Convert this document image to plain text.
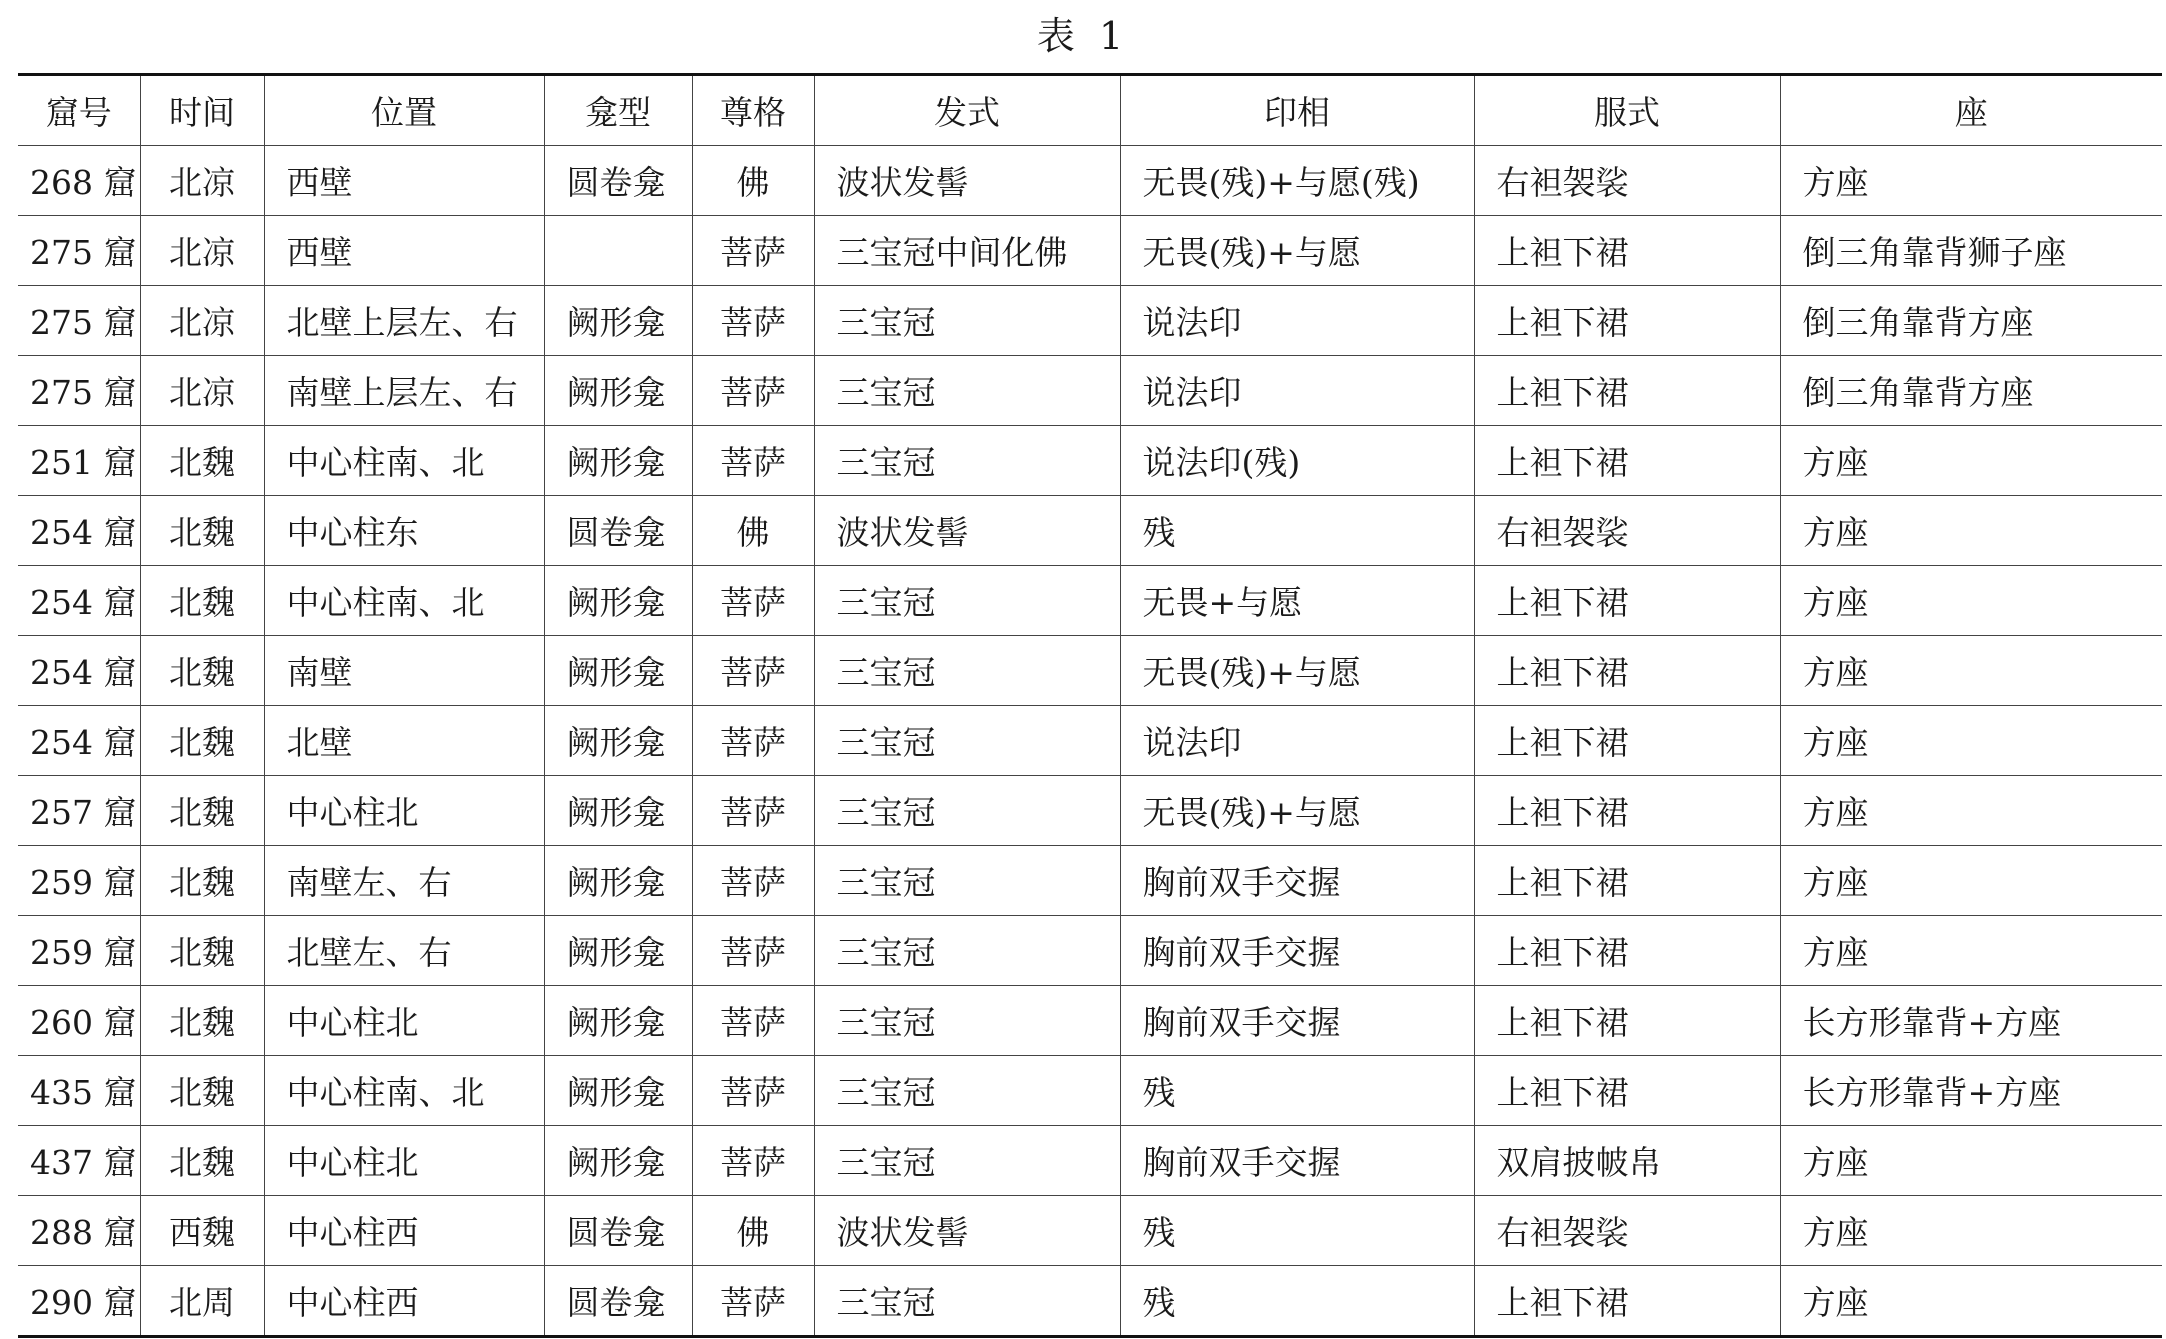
表 1
窟号	时间	位置	龛型	尊格	发式	印相	服式	座
268 窟	北凉	西壁	圆卷龛	佛	波状发髻	无畏(残)+与愿(残)	右袒袈裟	方座
275 窟	北凉	西壁		菩萨	三宝冠中间化佛	无畏(残)+与愿	上袒下裙	倒三角靠背狮子座
275 窟	北凉	北壁上层左、右	阙形龛	菩萨	三宝冠	说法印	上袒下裙	倒三角靠背方座
275 窟	北凉	南壁上层左、右	阙形龛	菩萨	三宝冠	说法印	上袒下裙	倒三角靠背方座
251 窟	北魏	中心柱南、北	阙形龛	菩萨	三宝冠	说法印(残)	上袒下裙	方座
254 窟	北魏	中心柱东	圆卷龛	佛	波状发髻	残	右袒袈裟	方座
254 窟	北魏	中心柱南、北	阙形龛	菩萨	三宝冠	无畏+与愿	上袒下裙	方座
254 窟	北魏	南壁	阙形龛	菩萨	三宝冠	无畏(残)+与愿	上袒下裙	方座
254 窟	北魏	北壁	阙形龛	菩萨	三宝冠	说法印	上袒下裙	方座
257 窟	北魏	中心柱北	阙形龛	菩萨	三宝冠	无畏(残)+与愿	上袒下裙	方座
259 窟	北魏	南壁左、右	阙形龛	菩萨	三宝冠	胸前双手交握	上袒下裙	方座
259 窟	北魏	北壁左、右	阙形龛	菩萨	三宝冠	胸前双手交握	上袒下裙	方座
260 窟	北魏	中心柱北	阙形龛	菩萨	三宝冠	胸前双手交握	上袒下裙	长方形靠背+方座
435 窟	北魏	中心柱南、北	阙形龛	菩萨	三宝冠	残	上袒下裙	长方形靠背+方座
437 窟	北魏	中心柱北	阙形龛	菩萨	三宝冠	胸前双手交握	双肩披帔帛	方座
288 窟	西魏	中心柱西	圆卷龛	佛	波状发髻	残	右袒袈裟	方座
290 窟	北周	中心柱西	圆卷龛	菩萨	三宝冠	残	上袒下裙	方座
